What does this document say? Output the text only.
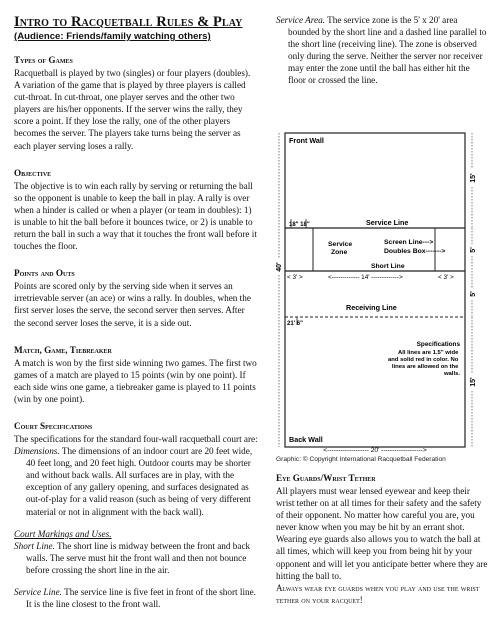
Intro to Racquetball Rules & Play
(Audience: Friends/family watching others)
Types of Games

Racquetball is played by two (singles) or four players (doubles). A variation of the game that is played by three players is called cut-throat. In cut-throat, one player serves and the other two players are his/her opponents. If the server wins the rally, they score a point. If they lose the rally, one of the other players becomes the server. The players take turns being the server as each player serving loses a rally.

Objective

The objective is to win each rally by serving or returning the ball so the opponent is unable to keep the ball in play. A rally is over when a hinder is called or when a player (or team in doubles): 1) is unable to hit the ball before it bounces twice, or 2) is unable to return the ball in such a way that it touches the front wall before it touches the floor.

Points and Outs

Points are scored only by the serving side when it serves an irretrievable server (an ace) or wins a rally. In doubles, when the first server loses the serve, the second server then serves. After the second server loses the serve, it is a side out.

Match, Game, Tiebreaker

A match is won by the first side winning two games. The first two games of a match are played to 15 points (win by one point). If each side wins one game, a tiebreaker game is played to 11 points (win by one point).

Court Specifications

The specifications for the standard four-wall racquetball court are:

Dimensions. The dimensions of an indoor court are 20 feet wide, 40 feet long, and 20 feet high. Outdoor courts may be shorter and without back walls. All surfaces are in play, with the exception of any gallery opening, and surfaces designated as out-of-play for a valid reason (such as being of very different material or not in alignment with the back wall).

Court Markings and Uses.

Short Line. The short line is midway between the front and back walls. The serve must hit the front wall and then not bounce before crossing the short line in the air.

Service Line. The service line is five feet in front of the short line. It is the line closest to the front wall.

Service Area. The service zone is the 5' x 20' area bounded by the short line and a dashed line parallel to the short line (receiving line). The zone is observed only during the serve. Neither the server nor receiver may enter the zone until the ball has either hit the floor or crossed the line.

Front Wall
Back Wall
Service Line
18" 18"
Service Zone
Screen Line--->
Doubles Box------->
Short Line
< 3' >	<------------- 14' ------------->	< 3' >
Receiving Line
21' 6"
Specifications
All lines are 1.5" wide and solid red in color. No lines are allowed on the walls.
40'
15'
5'
5'
15'
<------------------- 20' ------------------->
Graphic: © Copyright International Racquetball Federation
Eye Guards/Wrist Tether

All players must wear lensed eyewear and keep their wrist tether on at all times for their safety and the safety of their opponent. No matter how careful you are, you never know when you may be hit by an errant shot. Wearing eye guards also allows you to watch the ball at all times, which will keep you from being hit by your opponent and will let you anticipate better where they are hitting the ball to.

Always wear eye guards when you play and use the wrist tether on your racquet!
